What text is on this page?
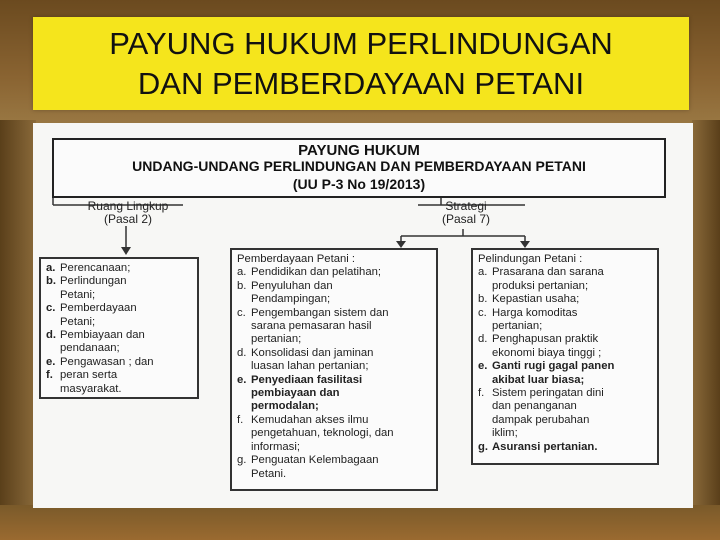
PAYUNG HUKUM PERLINDUNGAN
DAN PEMBERDAYAAN PETANI
PAYUNG HUKUM
UNDANG-UNDANG PERLINDUNGAN DAN PEMBERDAYAAN PETANI
(UU P-3 No 19/2013)
Ruang Lingkup
(Pasal 2)
Strategi
(Pasal 7)
a. Perencanaan;
b. Perlindungan
Petani;
c. Pemberdayaan
Petani;
d. Pembiayaan dan
pendanaan;
e. Pengawasan ; dan
f. peran serta
masyarakat.
Pemberdayaan Petani :
a. Pendidikan dan pelatihan;
b. Penyuluhan dan
Pendampingan;
c. Pengembangan sistem dan
sarana pemasaran hasil
pertanian;
d. Konsolidasi dan jaminan
luasan lahan pertanian;
e. Penyediaan fasilitasi
pembiayaan dan
permodalan;
f. Kemudahan akses ilmu
pengetahuan, teknologi, dan
informasi;
g. Penguatan Kelembagaan
Petani.
Pelindungan Petani :
a. Prasarana dan sarana
produksi pertanian;
b. Kepastian usaha;
c. Harga komoditas
pertanian;
d. Penghapusan praktik
ekonomi biaya tinggi ;
e. Ganti rugi gagal panen
akibat luar biasa;
f. Sistem peringatan dini
dan penanganan
dampak perubahan
iklim;
g. Asuransi pertanian.
